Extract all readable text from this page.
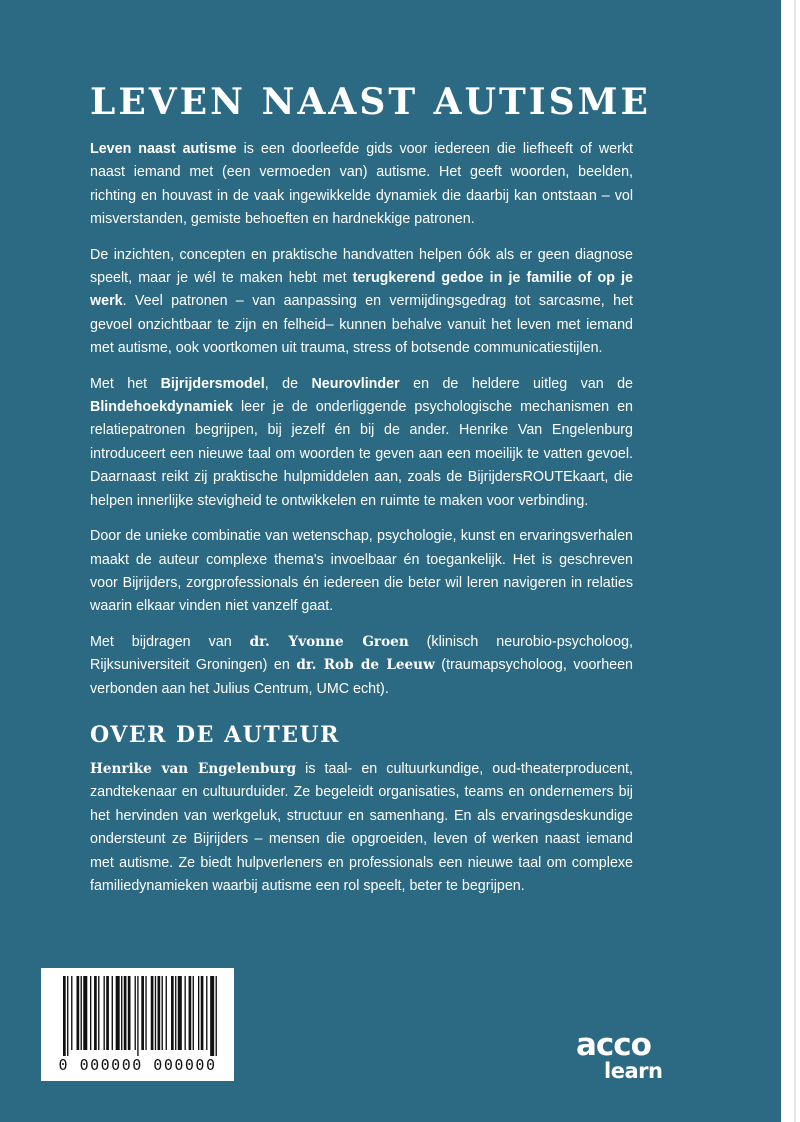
LEVEN NAAST AUTISME

Leven naast autisme is een doorleefde gids voor iedereen die liefheeft of werkt naast iemand met (een vermoeden van) autisme. Het geeft woorden, beelden, richting en houvast in de vaak ingewikkelde dynamiek die daarbij kan ontstaan – vol misverstanden, gemiste behoeften en hardnekkige patronen.

De inzichten, concepten en praktische handvatten helpen óók als er geen diagnose speelt, maar je wél te maken hebt met terugkerend gedoe in je familie of op je werk. Veel patronen – van aanpassing en vermijdingsgedrag tot sarcasme, het gevoel onzichtbaar te zijn en felheid– kunnen behalve vanuit het leven met iemand met autisme, ook voortkomen uit trauma, stress of botsende communicatiestijlen.

Met het Bijrijdersmodel, de Neurovlinder en de heldere uitleg van de Blindehoekdynamiek leer je de onderliggende psychologische mechanismen en relatiepatronen begrijpen, bij jezelf én bij de ander. Henrike Van Engelenburg introduceert een nieuwe taal om woorden te geven aan een moeilijk te vatten gevoel. Daarnaast reikt zij praktische hulpmiddelen aan, zoals de BijrijdersROUTEkaart, die helpen innerlijke stevigheid te ontwikkelen en ruimte te maken voor verbinding.

Door de unieke combinatie van wetenschap, psychologie, kunst en ervaringsverhalen maakt de auteur complexe thema's invoelbaar én toegankelijk. Het is geschreven voor Bijrijders, zorgprofessionals én iedereen die beter wil leren navigeren in relaties waarin elkaar vinden niet vanzelf gaat.

Met bijdragen van dr. Yvonne Groen (klinisch neurobio-psycholoog, Rijksuniversiteit Groningen) en dr. Rob de Leeuw (traumapsycholoog, voorheen verbonden aan het Julius Centrum, UMC echt).

OVER DE AUTEUR

Henrike van Engelenburg is taal- en cultuurkundige, oud-theaterproducent, zandtekenaar en cultuurduider. Ze begeleidt organisaties, teams en ondernemers bij het hervinden van werkgeluk, structuur en samenhang. En als ervaringsdeskundige ondersteunt ze Bijrijders – mensen die opgroeiden, leven of werken naast iemand met autisme. Ze biedt hulpverleners en professionals een nieuwe taal om complexe familiedynamieken waarbij autisme een rol speelt, beter te begrijpen.

0 000000 000000
acco
learn
